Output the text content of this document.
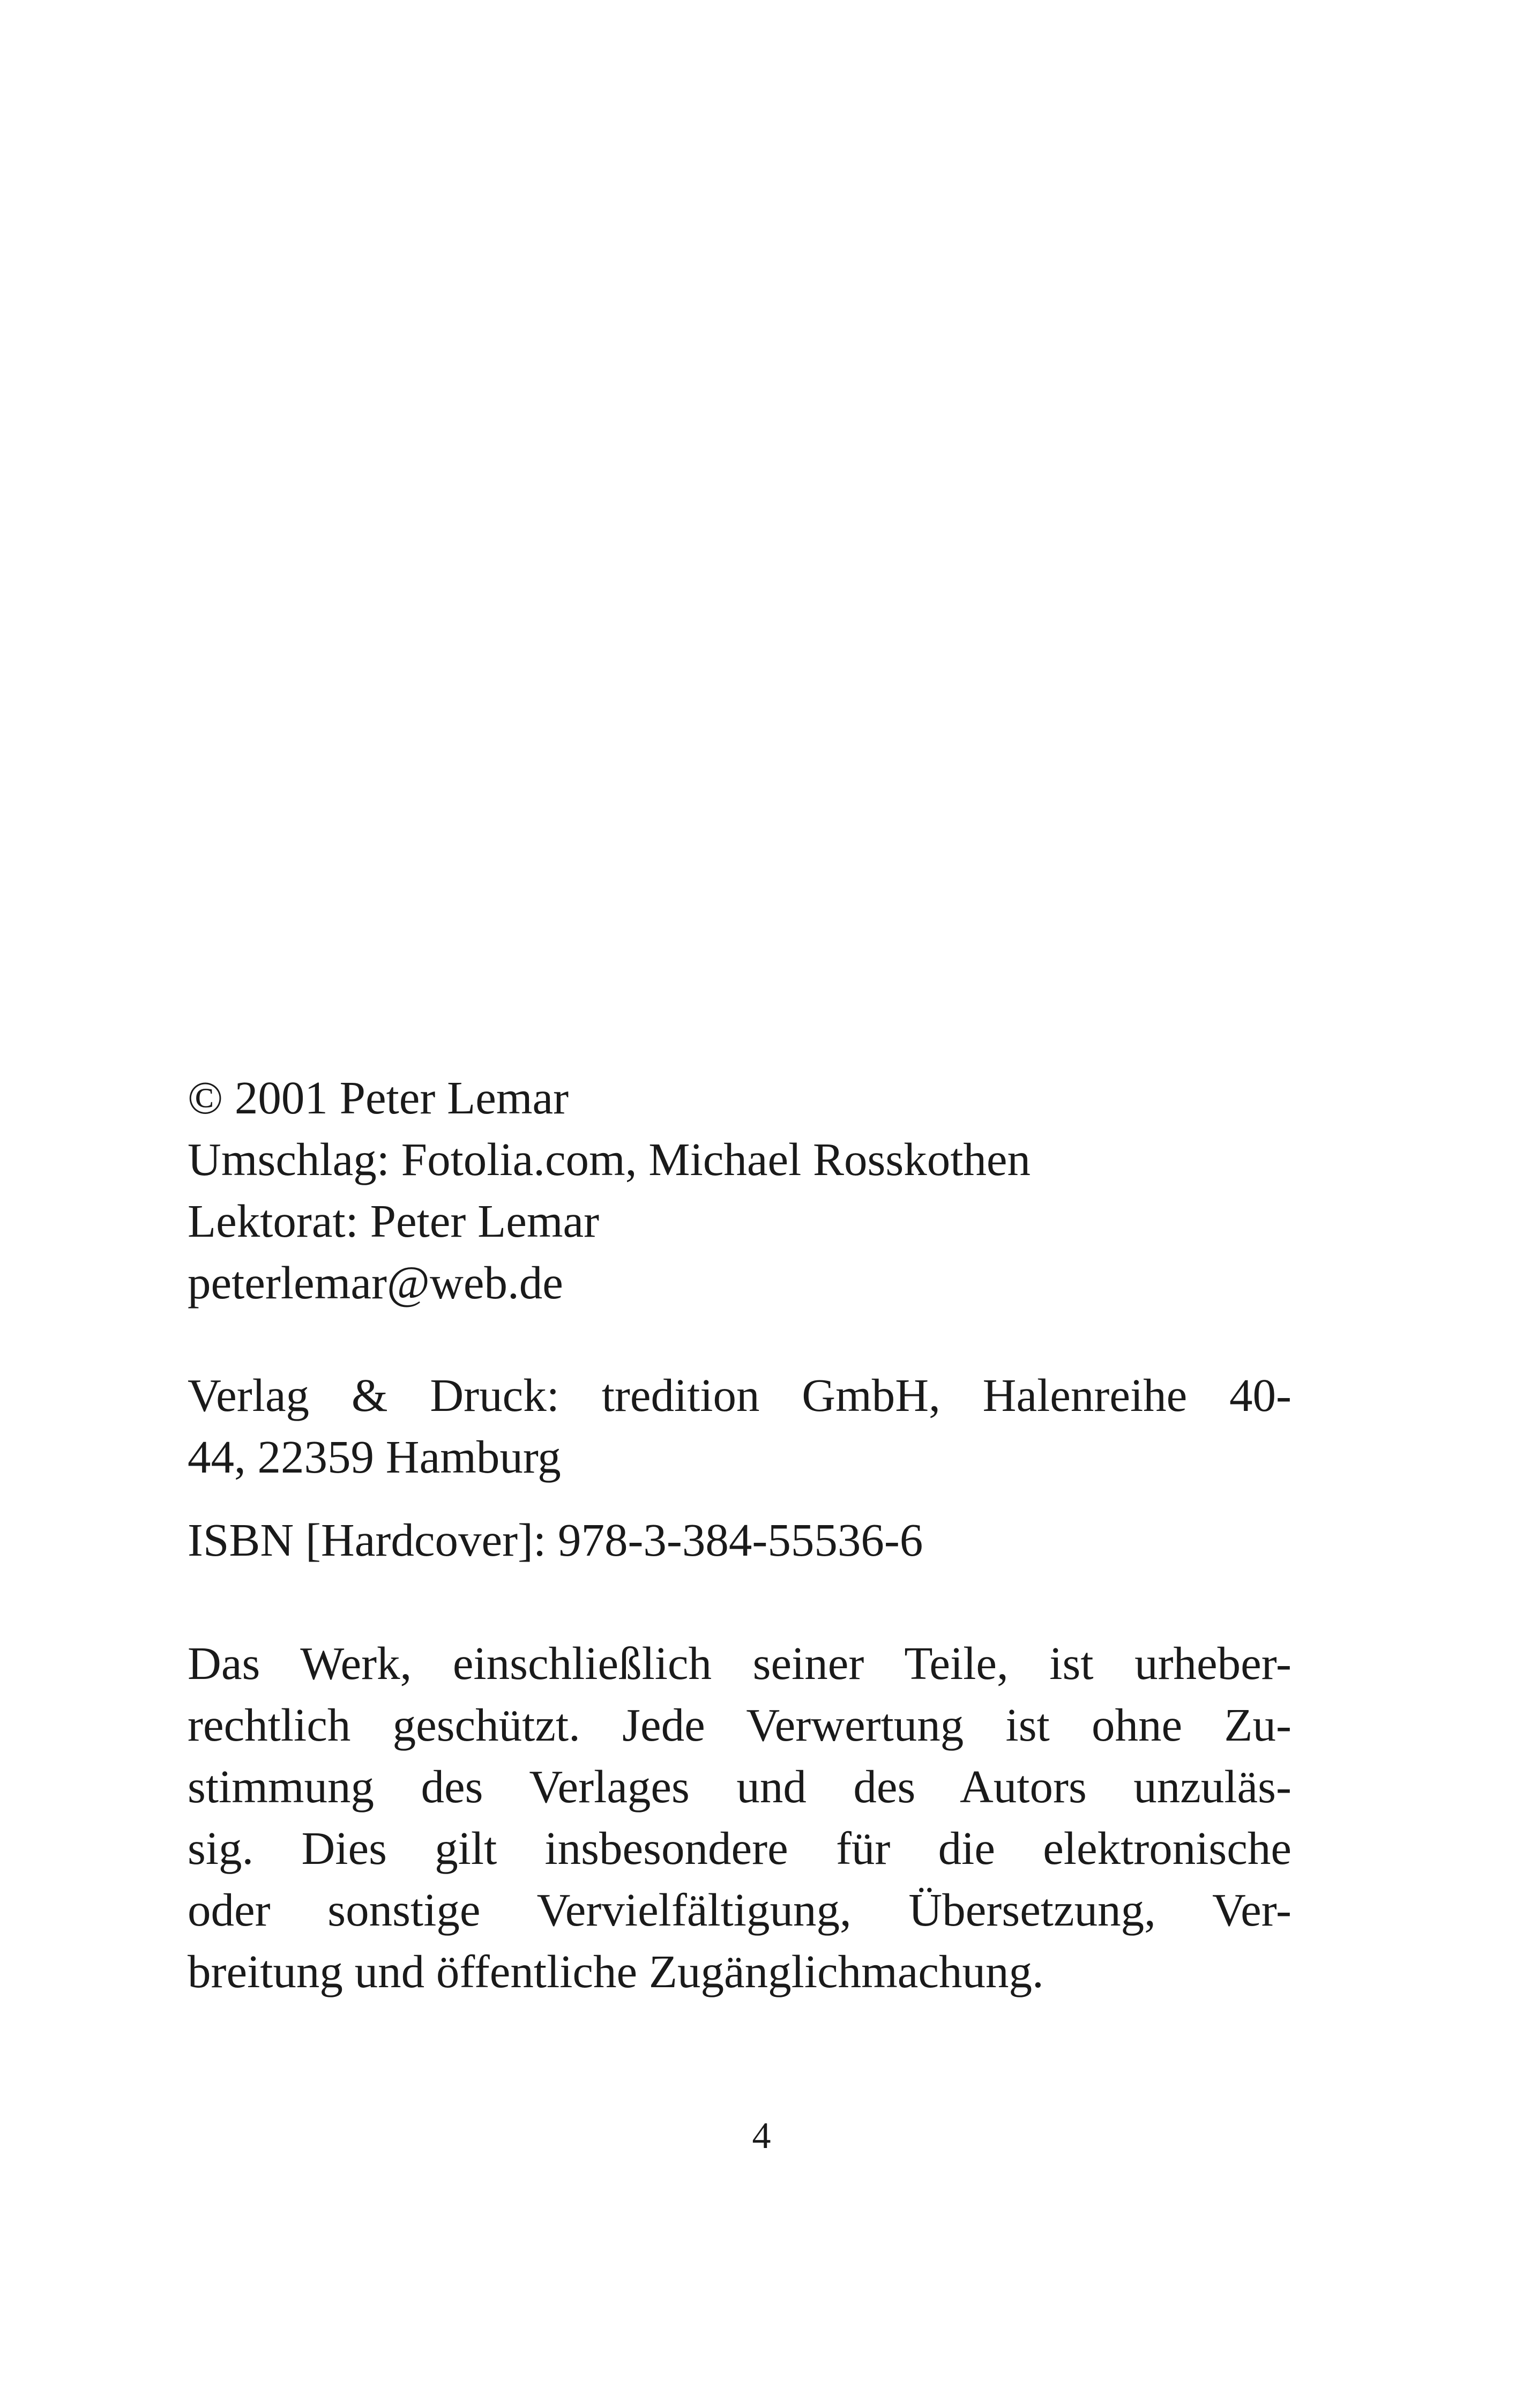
© 2001 Peter Lemar
Umschlag: Fotolia.com, Michael Rosskothen
Lektorat: Peter Lemar
peterlemar@web.de
Verlag & Druck: tredition GmbH, Halenreihe 40-
44, 22359 Hamburg
ISBN [Hardcover]: 978-3-384-55536-6
Das Werk, einschließlich seiner Teile, ist urheber-
rechtlich geschützt. Jede Verwertung ist ohne Zu-
stimmung des Verlages und des Autors unzuläs-
sig. Dies gilt insbesondere für die elektronische
oder sonstige Vervielfältigung, Übersetzung, Ver-
breitung und öffentliche Zugänglichmachung.
4
